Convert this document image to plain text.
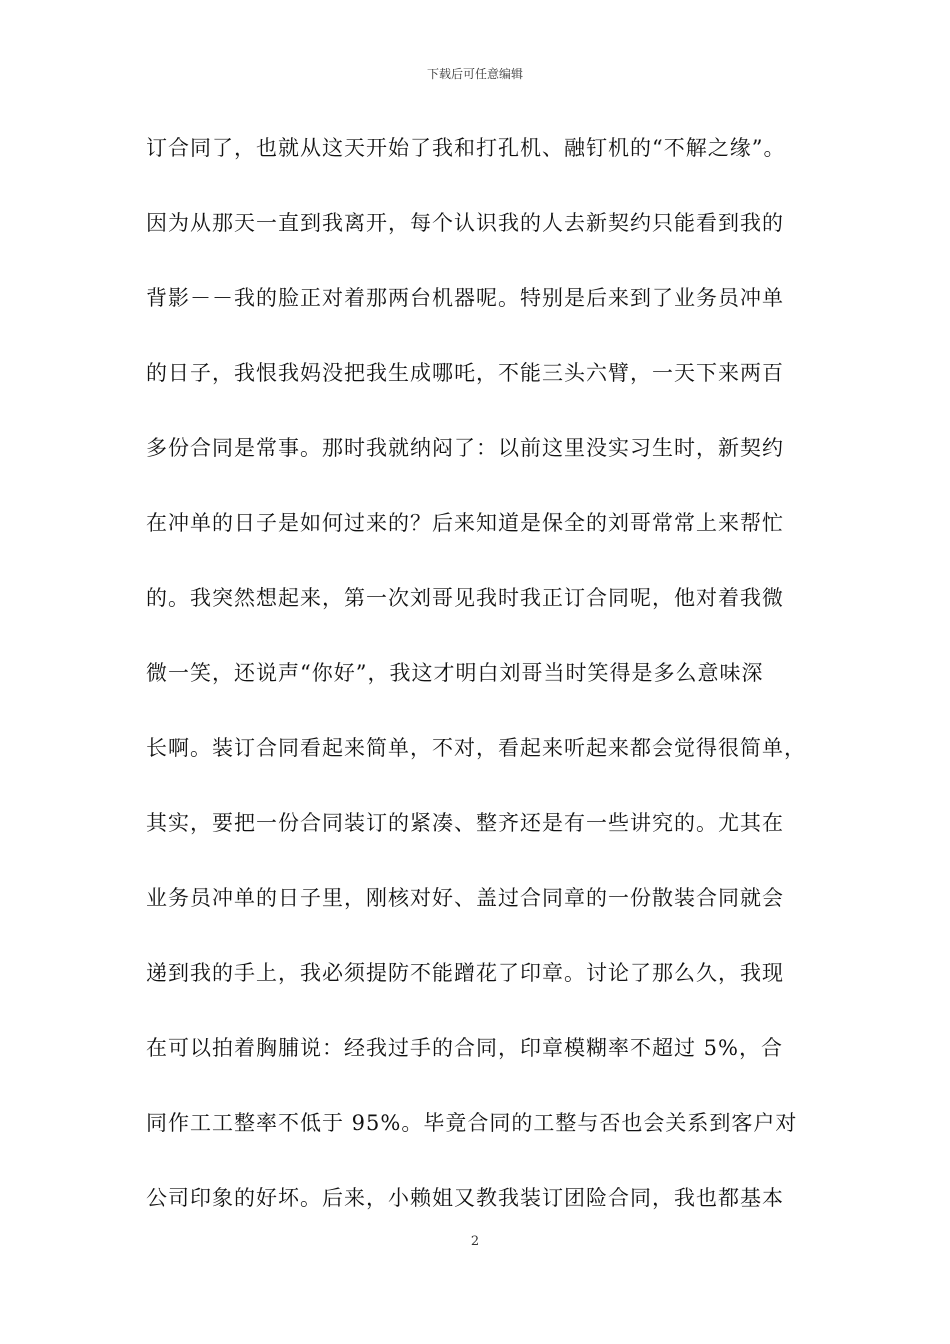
下载后可任意编辑
订合同了，也就从这天开始了我和打孔机、融钉机的“不解之缘”。
因为从那天一直到我离开，每个认识我的人去新契约只能看到我的
背影－－我的脸正对着那两台机器呢。特别是后来到了业务员冲单
的日子，我恨我妈没把我生成哪吒，不能三头六臂，一天下来两百
多份合同是常事。那时我就纳闷了：以前这里没实习生时，新契约
在冲单的日子是如何过来的？后来知道是保全的刘哥常常上来帮忙
的。我突然想起来，第一次刘哥见我时我正订合同呢，他对着我微
微一笑，还说声“你好”，我这才明白刘哥当时笑得是多么意味深
长啊。装订合同看起来简单，不对，看起来听起来都会觉得很简单，
其实，要把一份合同装订的紧凑、整齐还是有一些讲究的。尤其在
业务员冲单的日子里，刚核对好、盖过合同章的一份散装合同就会
递到我的手上，我必须提防不能蹭花了印章。讨论了那么久，我现
在可以拍着胸脯说：经我过手的合同，印章模糊率不超过 5%，合
同作工工整率不低于 95%。毕竟合同的工整与否也会关系到客户对
公司印象的好坏。后来，小赖姐又教我装订团险合同，我也都基本
2
